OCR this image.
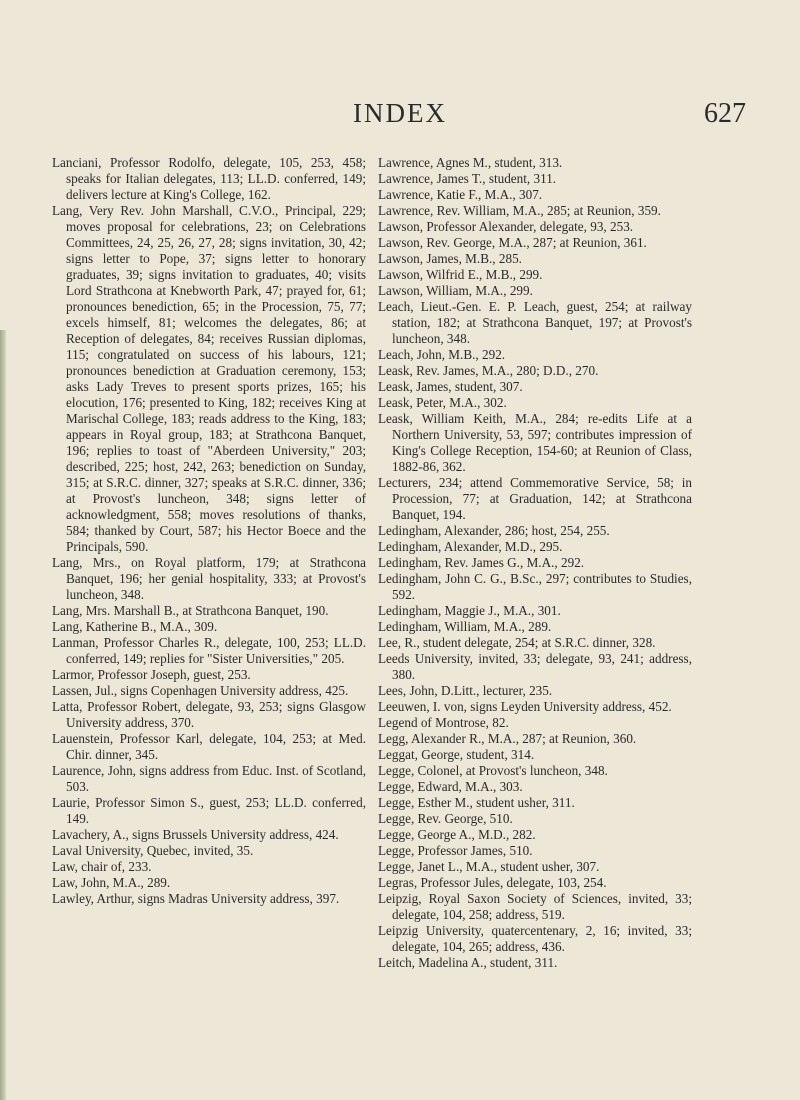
INDEX	627

Lanciani, Professor Rodolfo, delegate, 105, 253, 458; speaks for Italian delegates, 113; LL.D. conferred, 149; delivers lecture at King's College, 162.

Lang, Very Rev. John Marshall, C.V.O., Principal, 229; moves proposal for celebrations, 23; on Celebrations Committees, 24, 25, 26, 27, 28; signs invitation, 30, 42; signs letter to Pope, 37; signs letter to honorary graduates, 39; signs invitation to graduates, 40; visits Lord Strathcona at Knebworth Park, 47; prayed for, 61; pronounces benediction, 65; in the Procession, 75, 77; excels himself, 81; welcomes the delegates, 86; at Reception of delegates, 84; receives Russian diplomas, 115; congratulated on success of his labours, 121; pronounces benediction at Graduation ceremony, 153; asks Lady Treves to present sports prizes, 165; his elocution, 176; presented to King, 182; receives King at Marischal College, 183; reads address to the King, 183; appears in Royal group, 183; at Strathcona Banquet, 196; replies to toast of "Aberdeen University," 203; described, 225; host, 242, 263; benediction on Sunday, 315; at S.R.C. dinner, 327; speaks at S.R.C. dinner, 336; at Provost's luncheon, 348; signs letter of acknowledgment, 558; moves resolutions of thanks, 584; thanked by Court, 587; his Hector Boece and the Principals, 590.

Lang, Mrs., on Royal platform, 179; at Strathcona Banquet, 196; her genial hospitality, 333; at Provost's luncheon, 348.

Lang, Mrs. Marshall B., at Strathcona Banquet, 190.

Lang, Katherine B., M.A., 309.

Lanman, Professor Charles R., delegate, 100, 253; LL.D. conferred, 149; replies for "Sister Universities," 205.

Larmor, Professor Joseph, guest, 253.

Lassen, Jul., signs Copenhagen University address, 425.

Latta, Professor Robert, delegate, 93, 253; signs Glasgow University address, 370.

Lauenstein, Professor Karl, delegate, 104, 253; at Med. Chir. dinner, 345.

Laurence, John, signs address from Educ. Inst. of Scotland, 503.

Laurie, Professor Simon S., guest, 253; LL.D. conferred, 149.

Lavachery, A., signs Brussels University address, 424.

Laval University, Quebec, invited, 35.

Law, chair of, 233.

Law, John, M.A., 289.

Lawley, Arthur, signs Madras University address, 397.

Lawrence, Agnes M., student, 313.

Lawrence, James T., student, 311.

Lawrence, Katie F., M.A., 307.

Lawrence, Rev. William, M.A., 285; at Reunion, 359.

Lawson, Professor Alexander, delegate, 93, 253.

Lawson, Rev. George, M.A., 287; at Reunion, 361.

Lawson, James, M.B., 285.

Lawson, Wilfrid E., M.B., 299.

Lawson, William, M.A., 299.

Leach, Lieut.-Gen. E. P. Leach, guest, 254; at railway station, 182; at Strathcona Banquet, 197; at Provost's luncheon, 348.

Leach, John, M.B., 292.

Leask, Rev. James, M.A., 280; D.D., 270.

Leask, James, student, 307.

Leask, Peter, M.A., 302.

Leask, William Keith, M.A., 284; re-edits Life at a Northern University, 53, 597; contributes impression of King's College Reception, 154-60; at Reunion of Class, 1882-86, 362.

Lecturers, 234; attend Commemorative Service, 58; in Procession, 77; at Graduation, 142; at Strathcona Banquet, 194.

Ledingham, Alexander, 286; host, 254, 255.

Ledingham, Alexander, M.D., 295.

Ledingham, Rev. James G., M.A., 292.

Ledingham, John C. G., B.Sc., 297; contributes to Studies, 592.

Ledingham, Maggie J., M.A., 301.

Ledingham, William, M.A., 289.

Lee, R., student delegate, 254; at S.R.C. dinner, 328.

Leeds University, invited, 33; delegate, 93, 241; address, 380.

Lees, John, D.Litt., lecturer, 235.

Leeuwen, I. von, signs Leyden University address, 452.

Legend of Montrose, 82.

Legg, Alexander R., M.A., 287; at Reunion, 360.

Leggat, George, student, 314.

Legge, Colonel, at Provost's luncheon, 348.

Legge, Edward, M.A., 303.

Legge, Esther M., student usher, 311.

Legge, Rev. George, 510.

Legge, George A., M.D., 282.

Legge, Professor James, 510.

Legge, Janet L., M.A., student usher, 307.

Legras, Professor Jules, delegate, 103, 254.

Leipzig, Royal Saxon Society of Sciences, invited, 33; delegate, 104, 258; address, 519.

Leipzig University, quatercentenary, 2, 16; invited, 33; delegate, 104, 265; address, 436.

Leitch, Madelina A., student, 311.
